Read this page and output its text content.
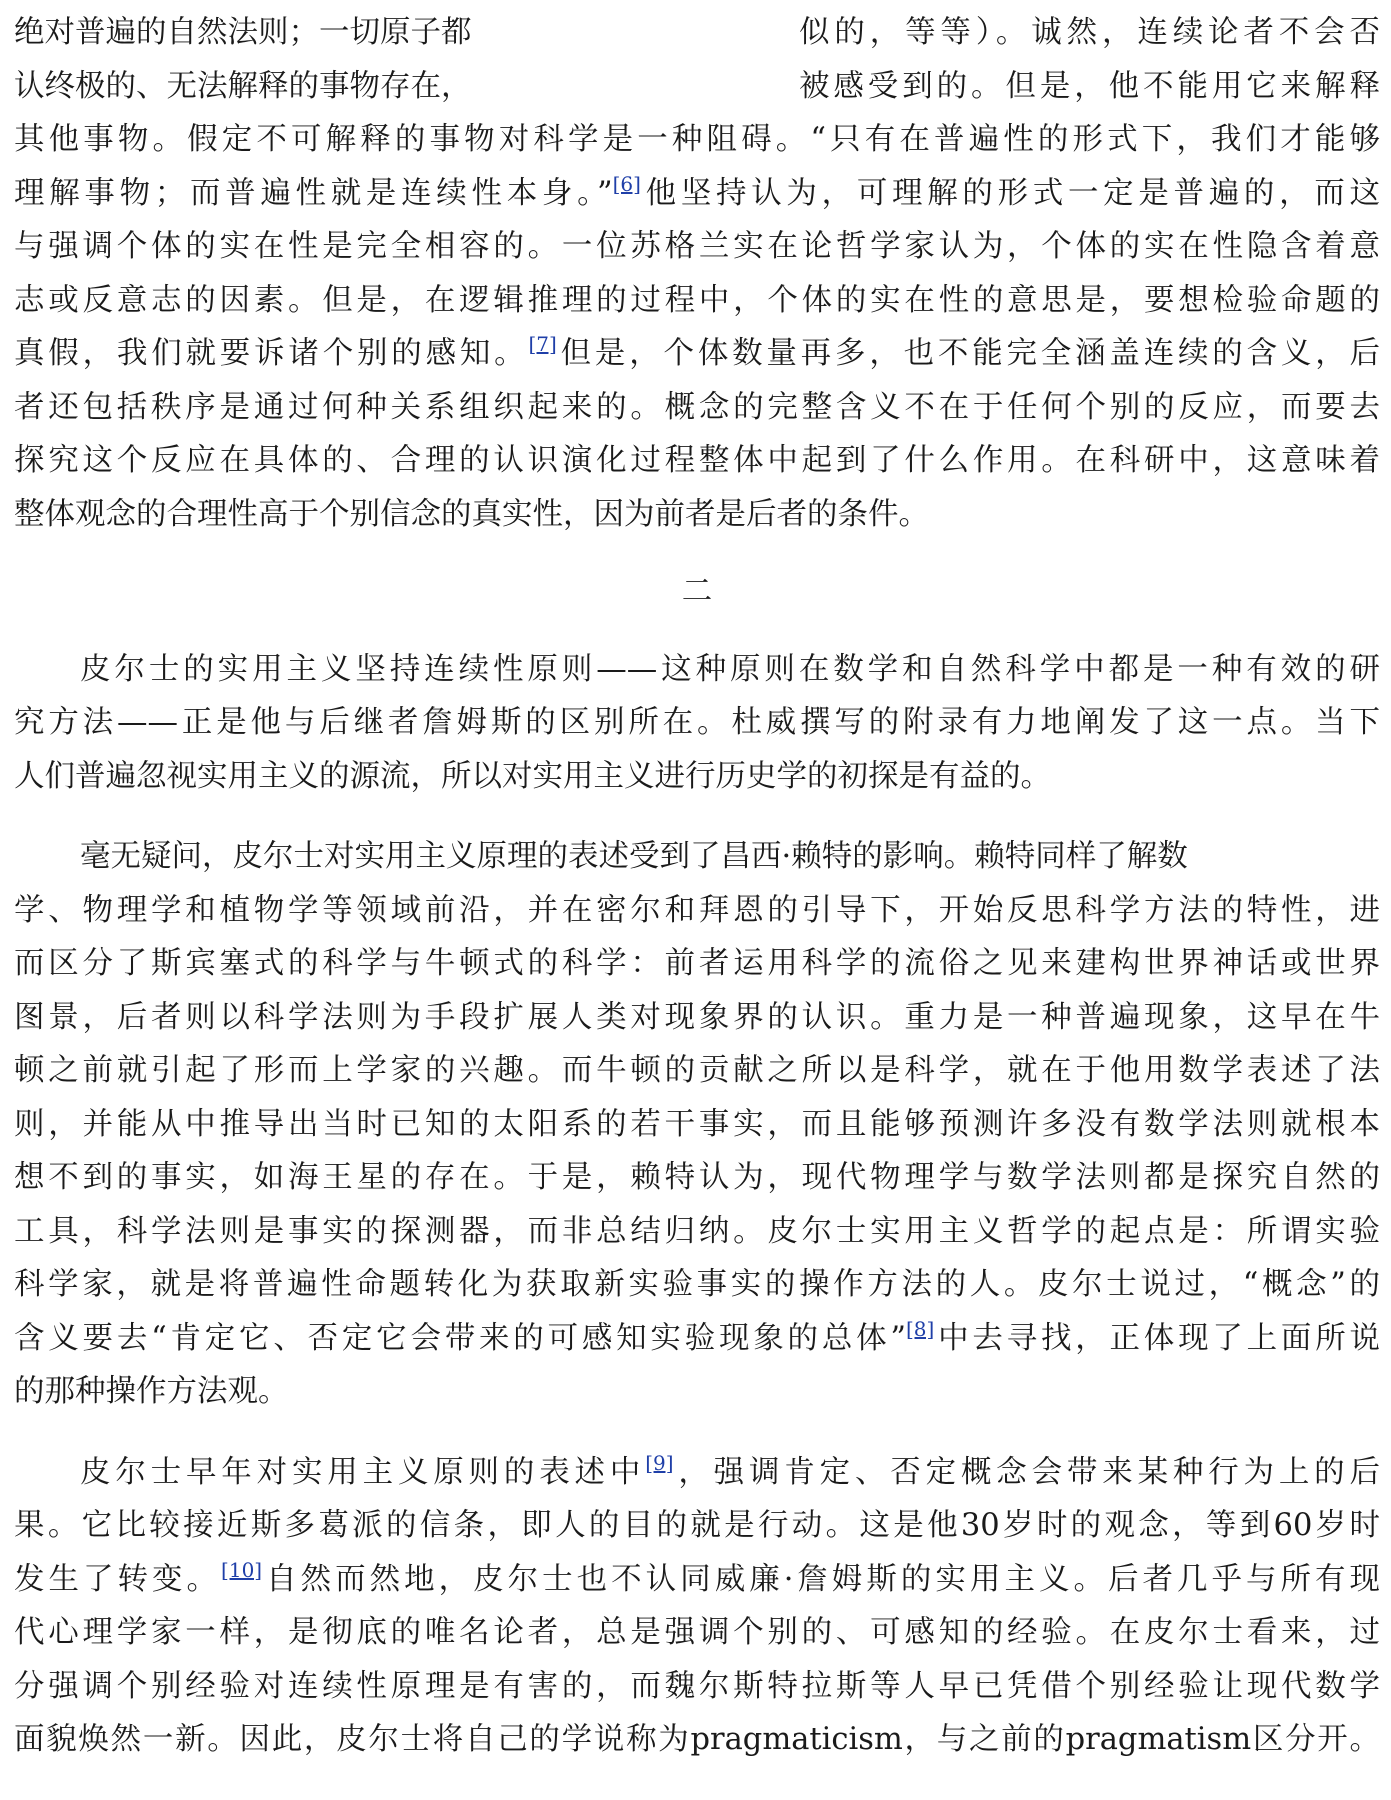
绝对普遍的自然法则；一切原子都	似的，等等）。诚然，连续论者不会否
认终极的、无法解释的事物存在，	被感受到的。但是，他不能用它来解释
其他事物。假定不可解释的事物对科学是一种阻碍。“只有在普遍性的形式下，我们才能够
理解事物；而普遍性就是连续性本身。”[6]他坚持认为，可理解的形式一定是普遍的，而这
与强调个体的实在性是完全相容的。一位苏格兰实在论哲学家认为，个体的实在性隐含着意
志或反意志的因素。但是，在逻辑推理的过程中，个体的实在性的意思是，要想检验命题的
真假，我们就要诉诸个别的感知。[7]但是，个体数量再多，也不能完全涵盖连续的含义，后
者还包括秩序是通过何种关系组织起来的。概念的完整含义不在于任何个别的反应，而要去
探究这个反应在具体的、合理的认识演化过程整体中起到了什么作用。在科研中，这意味着
整体观念的合理性高于个别信念的真实性，因为前者是后者的条件。
二
皮尔士的实用主义坚持连续性原则——这种原则在数学和自然科学中都是一种有效的研
究方法——正是他与后继者詹姆斯的区别所在。杜威撰写的附录有力地阐发了这一点。当下
人们普遍忽视实用主义的源流，所以对实用主义进行历史学的初探是有益的。
毫无疑问，皮尔士对实用主义原理的表述受到了昌西·赖特的影响。赖特同样了解数
学、物理学和植物学等领域前沿，并在密尔和拜恩的引导下，开始反思科学方法的特性，进
而区分了斯宾塞式的科学与牛顿式的科学：前者运用科学的流俗之见来建构世界神话或世界
图景，后者则以科学法则为手段扩展人类对现象界的认识。重力是一种普遍现象，这早在牛
顿之前就引起了形而上学家的兴趣。而牛顿的贡献之所以是科学，就在于他用数学表述了法
则，并能从中推导出当时已知的太阳系的若干事实，而且能够预测许多没有数学法则就根本
想不到的事实，如海王星的存在。于是，赖特认为，现代物理学与数学法则都是探究自然的
工具，科学法则是事实的探测器，而非总结归纳。皮尔士实用主义哲学的起点是：所谓实验
科学家，就是将普遍性命题转化为获取新实验事实的操作方法的人。皮尔士说过，“概念”的
含义要去“肯定它、否定它会带来的可感知实验现象的总体”[8]中去寻找，正体现了上面所说
的那种操作方法观。
皮尔士早年对实用主义原则的表述中[9]，强调肯定、否定概念会带来某种行为上的后
果。它比较接近斯多葛派的信条，即人的目的就是行动。这是他30岁时的观念，等到60岁时
发生了转变。[10]自然而然地，皮尔士也不认同威廉·詹姆斯的实用主义。后者几乎与所有现
代心理学家一样，是彻底的唯名论者，总是强调个别的、可感知的经验。在皮尔士看来，过
分强调个别经验对连续性原理是有害的，而魏尔斯特拉斯等人早已凭借个别经验让现代数学
面貌焕然一新。因此，皮尔士将自己的学说称为pragmaticism，与之前的pragmatism区分开。
